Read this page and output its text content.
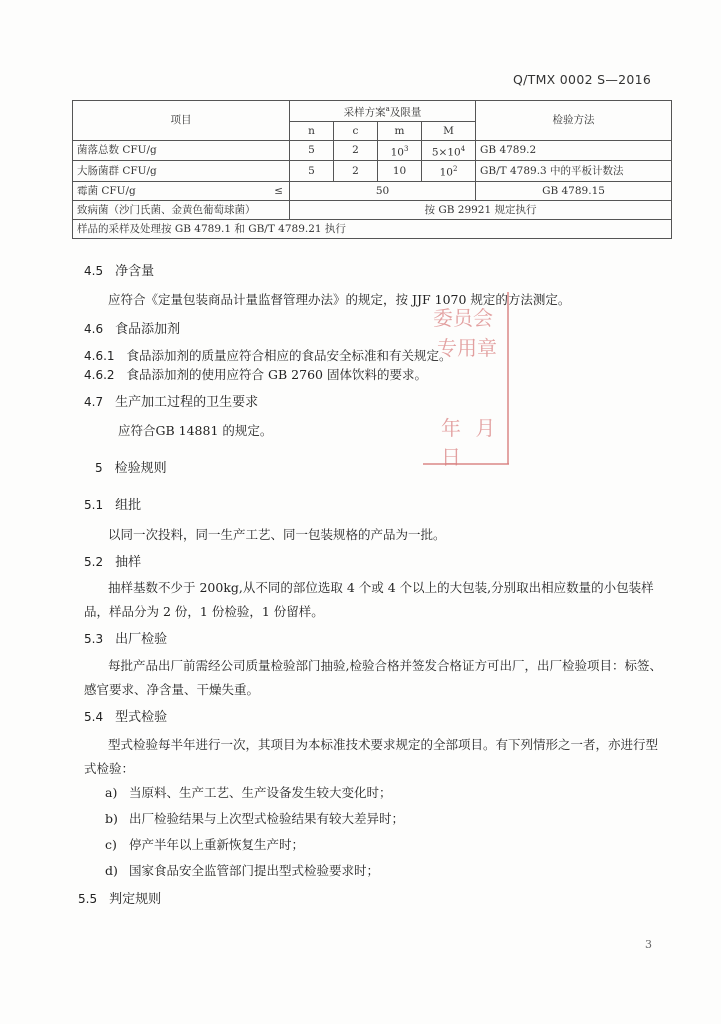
Q/TMX 0002 S—2016
项目	采样方案$^a$及限量				检验方法
	n	c	m	M	
菌落总数 CFU/g	5	2	$10^3$	$5\times 10^4$	GB 4789.2
大肠菌群 CFU/g	5	2	10	$10^2$	GB/T 4789.3 中的平板计数法
霉菌 CFU/g ≤	50				GB 4789.15
致病菌（沙门氏菌、金黄色葡萄球菌）	按 GB 29921 规定执行				
样品的采样及处理按 GB 4789.1 和 GB/T 4789.21 执行					
4.5 净含量
应符合《定量包装商品计量监督管理办法》的规定，按 JJF 1070 规定的方法测定。
4.6 食品添加剂
4.6.1 食品添加剂的质量应符合相应的食品安全标准和有关规定。
4.6.2 食品添加剂的使用应符合 GB 2760 固体饮料的要求。
4.7 生产加工过程的卫生要求
应符合GB 14881 的规定。
5 检验规则
5.1 组批
以同一次投料，同一生产工艺、同一包装规格的产品为一批。
5.2 抽样
抽样基数不少于 200kg,从不同的部位选取 4 个或 4 个以上的大包装,分别取出相应数量的小包装样品，样品分为 2 份，1 份检验，1 份留样。
5.3 出厂检验
每批产品出厂前需经公司质量检验部门抽验,检验合格并签发合格证方可出厂，出厂检验项目：标签、感官要求、净含量、干燥失重。
5.4 型式检验
型式检验每半年进行一次，其项目为本标准技术要求规定的全部项目。有下列情形之一者，亦进行型式检验：
a) 当原料、生产工艺、生产设备发生较大变化时；
b) 出厂检验结果与上次型式检验结果有较大差异时；
c) 停产半年以上重新恢复生产时；
d) 国家食品安全监管部门提出型式检验要求时；
5.5 判定规则
委员会
专用章
年 月 日
3
